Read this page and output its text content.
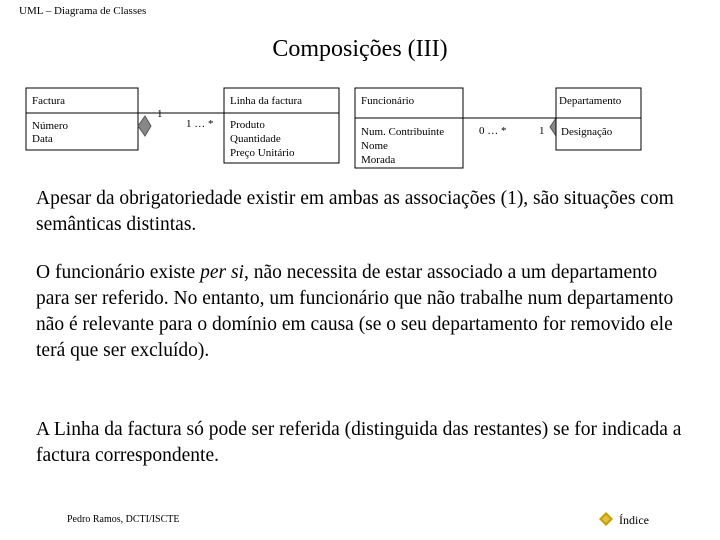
UML – Diagrama de Classes
Composições (III)
Factura
Número
Data
1
1 … *
Linha da factura
Produto
Quantidade
Preço Unitário
Funcionário
Num. Contribuinte
Nome
Morada
0 … *	1
Departamento
Designação
Apesar da obrigatoriedade existir em ambas as associações (1), são situações com semânticas distintas.
O funcionário existe per si, não necessita de estar associado a um departamento para ser referido. No entanto, um funcionário que não trabalhe num departamento não é relevante para o domínio em causa (se o seu departamento for removido ele terá que ser excluído).
A Linha da factura só pode ser referida (distinguida das restantes) se for indicada a factura correspondente.
Pedro Ramos, DCTI/ISCTE	Índice
